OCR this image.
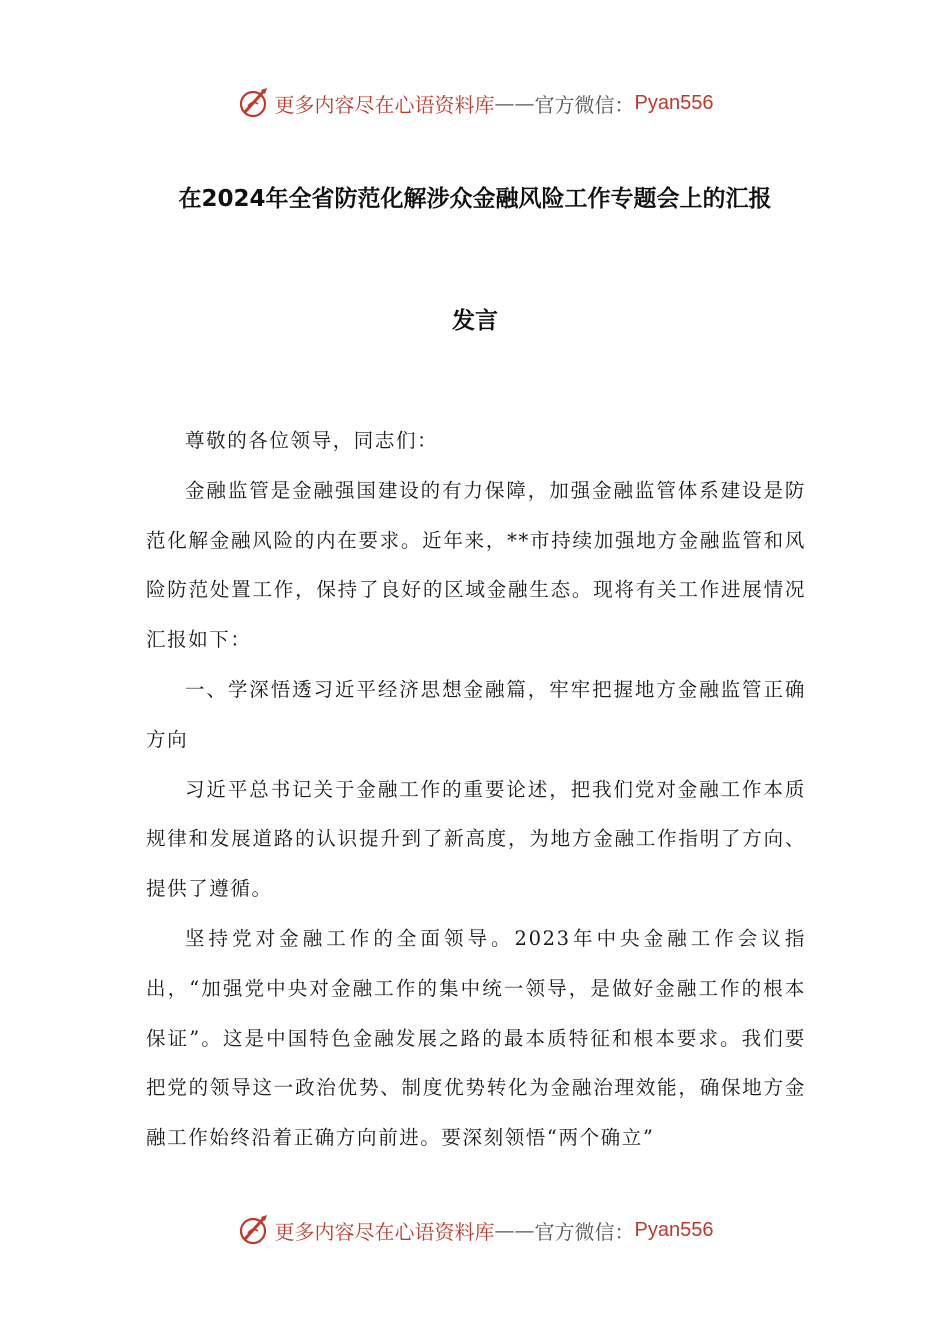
更多内容尽在心语资料库 —— 官方微信： Pyan556
在2024年全省防范化解涉众金融风险工作专题会上的汇报
发言

尊敬的各位领导，同志们：

金融监管是金融强国建设的有力保障，加强金融监管体系建设是防范化解金融风险的内在要求。近年来，**市持续加强地方金融监管和风险防范处置工作，保持了良好的区域金融生态。现将有关工作进展情况汇报如下：

一、学深悟透习近平经济思想金融篇，牢牢把握地方金融监管正确方向

习近平总书记关于金融工作的重要论述，把我们党对金融工作本质规律和发展道路的认识提升到了新高度，为地方金融工作指明了方向、提供了遵循。

坚持党对金融工作的全面领导。2023年中央金融工作会议指出，“加强党中央对金融工作的集中统一领导，是做好金融工作的根本保证”。这是中国特色金融发展之路的最本质特征和根本要求。我们要把党的领导这一政治优势、制度优势转化为金融治理效能，确保地方金融工作始终沿着正确方向前进。要深刻领悟“两个确立”

更多内容尽在心语资料库 —— 官方微信： Pyan556
